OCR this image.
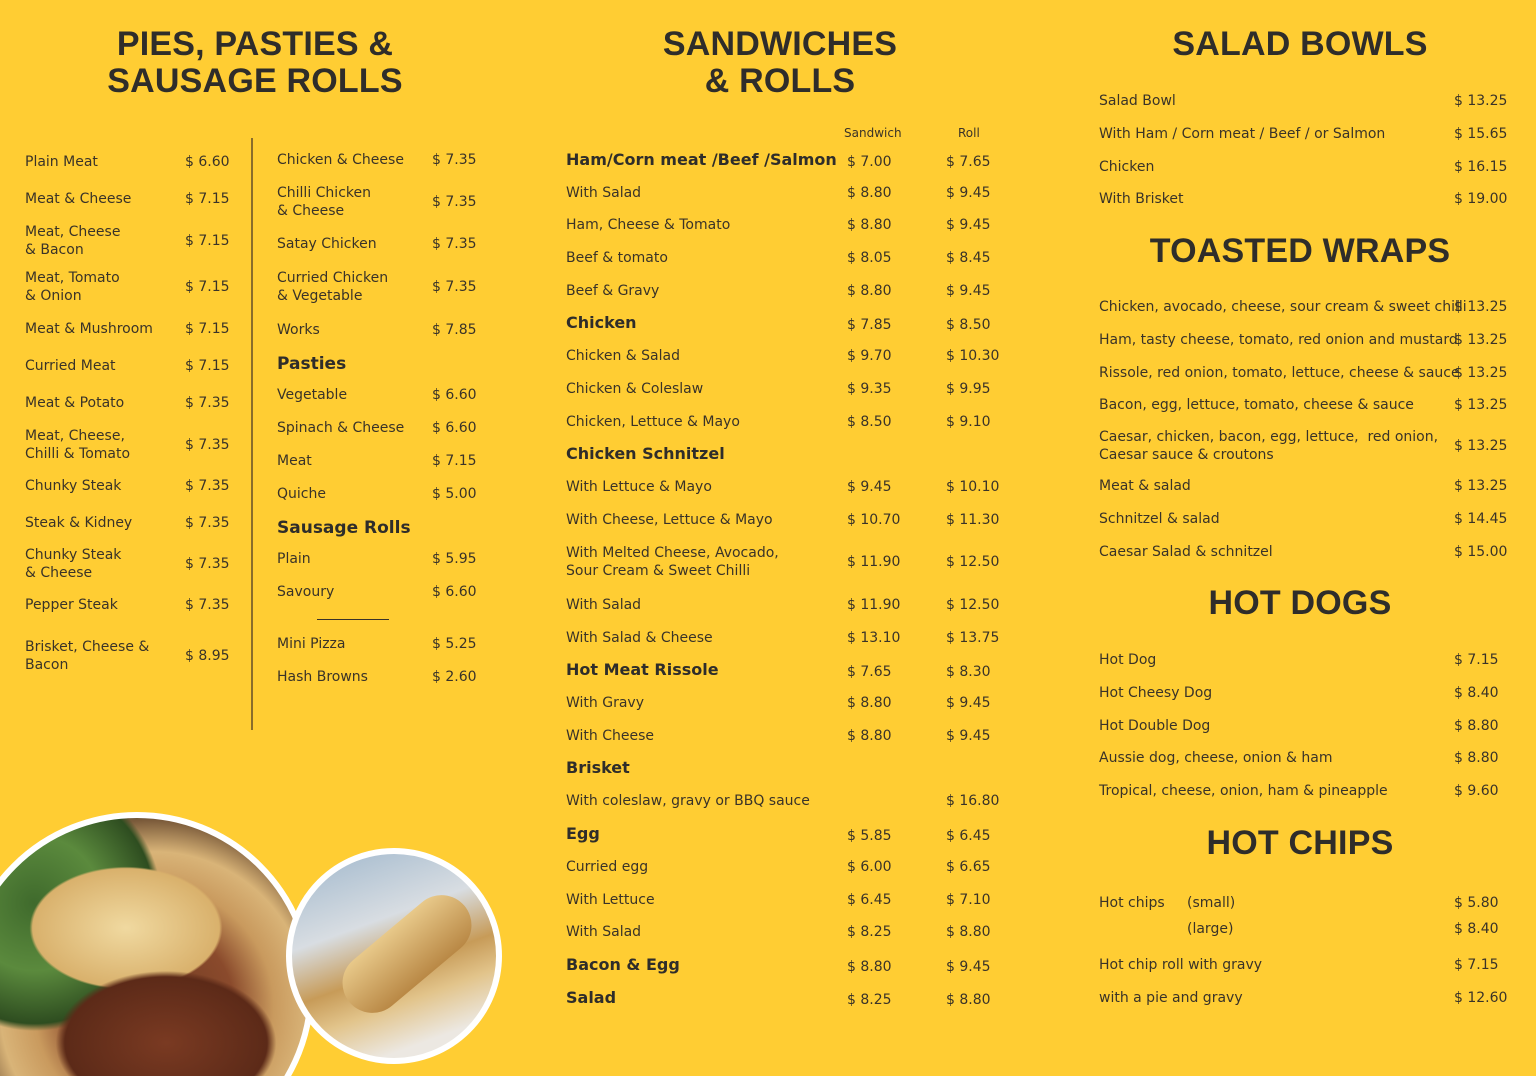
PIES, PASTIES &
SAUSAGE ROLLS
Plain Meat	$ 6.60
Meat & Cheese	$ 7.15
Meat, Cheese
& Bacon
$ 7.15
Meat, Tomato
& Onion
$ 7.15
Meat & Mushroom $ 7.15
Curried Meat	$ 7.15
Meat & Potato	$ 7.35
Meat, Cheese,
Chilli & Tomato
$ 7.35
Chunky Steak	$ 7.35
Steak & Kidney	$ 7.35
Chunky Steak
& Cheese
$ 7.35
Pepper Steak	$ 7.35
Brisket, Cheese &
Bacon
$ 8.95
Chicken & Cheese $ 7.35
Chilli Chicken
& Cheese
$ 7.35
Satay Chicken	$ 7.35
Curried Chicken
& Vegetable
$ 7.35
Works	$ 7.85
Vegetable	$ 6.60
Spinach & Cheese $ 6.60
Meat	$ 7.15
Quiche	$ 5.00
Plain	$ 5.95
Savoury	$ 6.60
Mini Pizza	$ 5.25
Hash Browns	$ 2.60
Pasties
Sausage Rolls
SANDWICHES
& ROLLS
Sandwich	Roll
Ham/Corn meat /Beef /Salmon $ 7.00	$ 7.65
With Salad	$ 8.80	$ 9.45
Ham, Cheese & Tomato	$ 8.80	$ 9.45
Beef & tomato	$ 8.05	$ 8.45
Beef & Gravy	$ 8.80	$ 9.45
Chicken	$ 7.85	$ 8.50
Chicken & Salad	$ 9.70	$ 10.30
Chicken & Coleslaw	$ 9.35	$ 9.95
Chicken, Lettuce & Mayo	$ 8.50	$ 9.10
Chicken Schnitzel
With Lettuce & Mayo	$ 9.45	$ 10.10
With Cheese, Lettuce & Mayo	$ 10.70	$ 11.30
With Melted Cheese, Avocado,
Sour Cream & Sweet Chilli
$ 11.90	$ 12.50
With Salad	$ 11.90	$ 12.50
With Salad & Cheese	$ 13.10	$ 13.75
Hot Meat Rissole	$ 7.65	$ 8.30
With Gravy	$ 8.80	$ 9.45
With Cheese	$ 8.80	$ 9.45
Brisket
With coleslaw, gravy or BBQ sauce	$ 16.80
Egg	$ 5.85	$ 6.45
Curried egg	$ 6.00	$ 6.65
With Lettuce	$ 6.45	$ 7.10
With Salad	$ 8.25	$ 8.80
Bacon & Egg	$ 8.80	$ 9.45
Salad	$ 8.25	$ 8.80
SALAD BOWLS
Salad Bowl	$ 13.25
With Ham / Corn meat / Beef / or Salmon	$ 15.65
Chicken	$ 16.15
With Brisket	$ 19.00
TOASTED WRAPS
Chicken, avocado, cheese, sour cream & sweet chilli
$ 13.25
Ham, tasty cheese, tomato, red onion and mustard
$ 13.25
Rissole, red onion, tomato, lettuce, cheese & sauce
$ 13.25
Bacon, egg, lettuce, tomato, cheese & sauce	$ 13.25
Caesar, chicken, bacon, egg, lettuce,  red onion,
Caesar sauce & croutons
$ 13.25
Meat & salad	$ 13.25
Schnitzel & salad	$ 14.45
Caesar Salad & schnitzel	$ 15.00
HOT DOGS
Hot Dog	$ 7.15
Hot Cheesy Dog	$ 8.40
Hot Double Dog	$ 8.80
Aussie dog, cheese, onion & ham	$ 8.80
Tropical, cheese, onion, ham & pineapple	$ 9.60
HOT CHIPS
Hot chips (small)	$ 5.80
(large)	$ 8.40
Hot chip roll with gravy	$ 7.15
with a pie and gravy	$ 12.60
